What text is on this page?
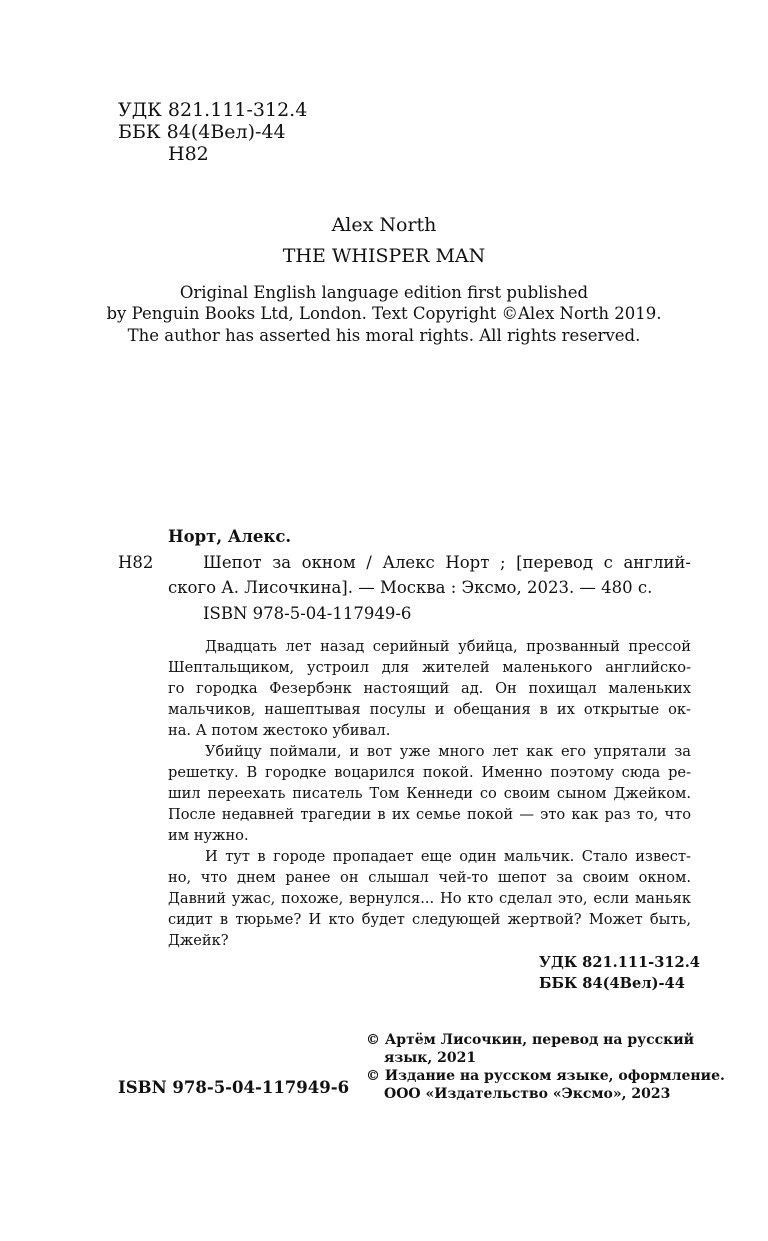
УДК 821.111-312.4
ББК 84(4Вел)-44
Н82
Alex North
THE WHISPER MAN
Original English language edition first published
by Penguin Books Ltd, London. Text Copyright ©Alex North 2019.
The author has asserted his moral rights. All rights reserved.
Норт, Алекс.
Н82	Шепот за окном / Алекс Норт ; [перевод с англий-
ского А. Лисочкина]. — Москва : Эксмо, 2023. — 480 с.
ISBN 978-5-04-117949-6
Двадцать лет назад серийный убийца, прозванный прессой
Шептальщиком, устроил для жителей маленького английско-
го городка Фезербэнк настоящий ад. Он похищал маленьких
мальчиков, нашептывая посулы и обещания в их открытые ок-
на. А потом жестоко убивал.
Убийцу поймали, и вот уже много лет как его упрятали за
решетку. В городке воцарился покой. Именно поэтому сюда ре-
шил переехать писатель Том Кеннеди со своим сыном Джейком.
После недавней трагедии в их семье покой — это как раз то, что
им нужно.
И тут в городе пропадает еще один мальчик. Стало извест-
но, что днем ранее он слышал чей-то шепот за своим окном.
Давний ужас, похоже, вернулся... Но кто сделал это, если маньяк
сидит в тюрьме? И кто будет следующей жертвой? Может быть,
Джейк?
УДК 821.111-312.4
ББК 84(4Вел)-44
ISBN 978-5-04-117949-6
© Артём Лисочкин, перевод на русский
язык, 2021
© Издание на русском языке, оформление.
ООО «Издательство «Эксмо», 2023
